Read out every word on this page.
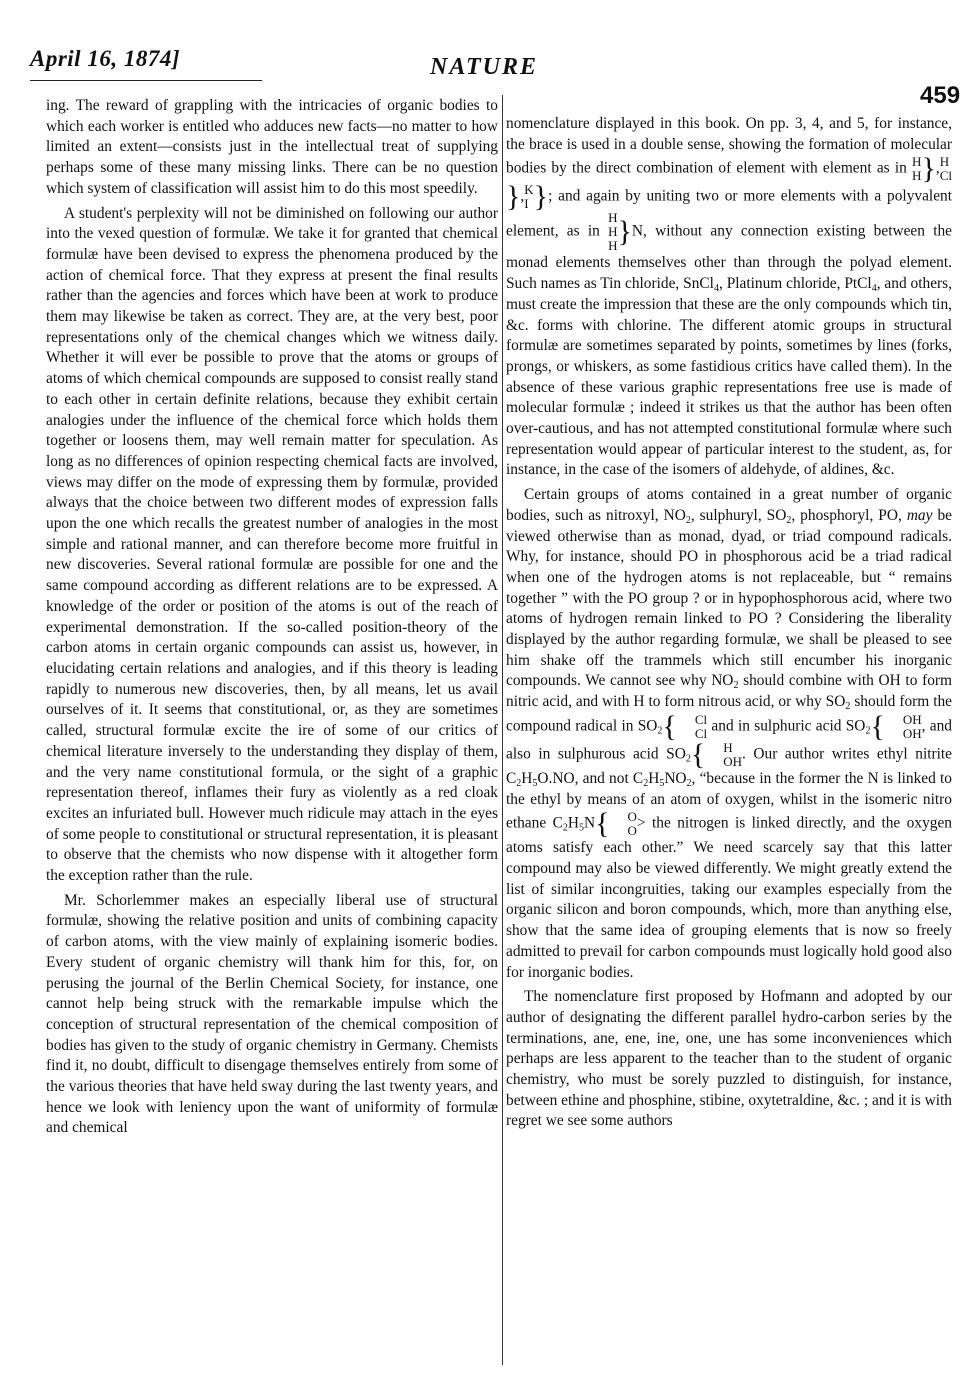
April 16, 1874]	NATURE
459

ing. The reward of grappling with the intricacies of organic bodies to which each worker is entitled who adduces new facts—no matter to how limited an extent—consists just in the intellectual treat of supplying perhaps some of these many missing links. There can be no question which system of classification will assist him to do this most speedily.

A student's perplexity will not be diminished on following our author into the vexed question of formulæ. We take it for granted that chemical formulæ have been devised to express the phenomena produced by the action of chemical force. That they express at present the final results rather than the agencies and forces which have been at work to produce them may likewise be taken as correct. They are, at the very best, poor representations only of the chemical changes which we witness daily. Whether it will ever be possible to prove that the atoms or groups of atoms of which chemical compounds are supposed to consist really stand to each other in certain definite relations, because they exhibit certain analogies under the influence of the chemical force which holds them together or loosens them, may well remain matter for speculation. As long as no differences of opinion respecting chemical facts are involved, views may differ on the mode of expressing them by formulæ, provided always that the choice between two different modes of expression falls upon the one which recalls the greatest number of analogies in the most simple and rational manner, and can therefore become more fruitful in new discoveries. Several rational formulæ are possible for one and the same compound according as different relations are to be expressed. A knowledge of the order or position of the atoms is out of the reach of experimental demonstration. If the so-called position-theory of the carbon atoms in certain organic compounds can assist us, however, in elucidating certain relations and analogies, and if this theory is leading rapidly to numerous new discoveries, then, by all means, let us avail ourselves of it. It seems that constitutional, or, as they are sometimes called, structural formulæ excite the ire of some of our critics of chemical literature inversely to the understanding they display of them, and the very name constitutional formula, or the sight of a graphic representation thereof, inflames their fury as violently as a red cloak excites an infuriated bull. However much ridicule may attach in the eyes of some people to constitutional or structural representation, it is pleasant to observe that the chemists who now dispense with it altogether form the exception rather than the rule.

Mr. Schorlemmer makes an especially liberal use of structural formulæ, showing the relative position and units of combining capacity of carbon atoms, with the view mainly of explaining isomeric bodies. Every student of organic chemistry will thank him for this, for, on perusing the journal of the Berlin Chemical Society, for instance, one cannot help being struck with the remarkable impulse which the conception of structural representation of the chemical composition of bodies has given to the study of organic chemistry in Germany. Chemists find it, no doubt, difficult to disengage themselves entirely from some of the various theories that have held sway during the last twenty years, and hence we look with leniency upon the want of uniformity of formulæ and chemical

nomenclature displayed in this book. On pp. 3, 4, and 5, for instance, the brace is used in a double sense, showing the formation of molecular bodies by the direct combination of element with element as in H
H }, H
Cl
}, K
I }; and again by uniting two or more elements with a polyvalent element, as in
H
H
H }N, without any connection existing between the monad elements themselves other than through the polyad element. Such names as Tin chloride, SnCl$_4$, Platinum chloride, PtCl$_4$, and others, must create the impression that these are the only compounds which tin, &c. forms with chlorine. The different atomic groups in structural formulæ are sometimes separated by points, sometimes by lines (forks, prongs, or whiskers, as some fastidious critics have called them). In the absence of these various graphic representations free use is made of molecular formulæ ; indeed it strikes us that the author has been often over-cautious, and has not attempted constitutional formulæ where such representation would appear of particular interest to the student, as, for instance, in the case of the isomers of aldehyde, of aldines, &c.

Certain groups of atoms contained in a great number of organic bodies, such as nitroxyl, $NO_2$, sulphuryl, $SO_2$, phosphoryl, PO, may be viewed otherwise than as monad, dyad, or triad compound radicals. Why, for instance, should PO in phosphorous acid be a triad radical when one of the hydrogen atoms is not replaceable, but “ remains together ” with the PO group ? or in hypophosphorous acid, where two atoms of hydrogen remain linked to PO ? Considering the liberality displayed by the author regarding formulæ, we shall be pleased to see him shake off the trammels which still encumber his inorganic compounds. We cannot see why $NO_2$ should combine with OH to form nitric acid, and with H to form nitrous acid, or why $SO_2$ should form the compound radical in $SO_2${	Cl
Cl and in sulphuric acid $SO_2${	OH
OH , and also in sulphurous acid $SO_2${	H
OH . Our author writes ethyl nitrite $C_2H_5O.NO$, and not $C_2H_5NO_2$, “because in the former the N is linked to the ethyl by means of an atom of oxygen, whilst in the isomeric nitro ethane $C_2H_5N${	O
O > the nitrogen is linked directly, and the oxygen atoms satisfy each other.” We need scarcely say that this latter compound may also be viewed differently. We might greatly extend the list of similar incongruities, taking our examples especially from the organic silicon and boron compounds, which, more than anything else, show that the same idea of grouping elements that is now so freely admitted to prevail for carbon compounds must logically hold good also for inorganic bodies.

The nomenclature first proposed by Hofmann and adopted by our author of designating the different parallel hydro-carbon series by the terminations, ane, ene, ine, one, une has some inconveniences which perhaps are less apparent to the teacher than to the student of organic chemistry, who must be sorely puzzled to distinguish, for instance, between ethine and phosphine, stibine, oxytetraldine, &c. ; and it is with regret we see some authors
